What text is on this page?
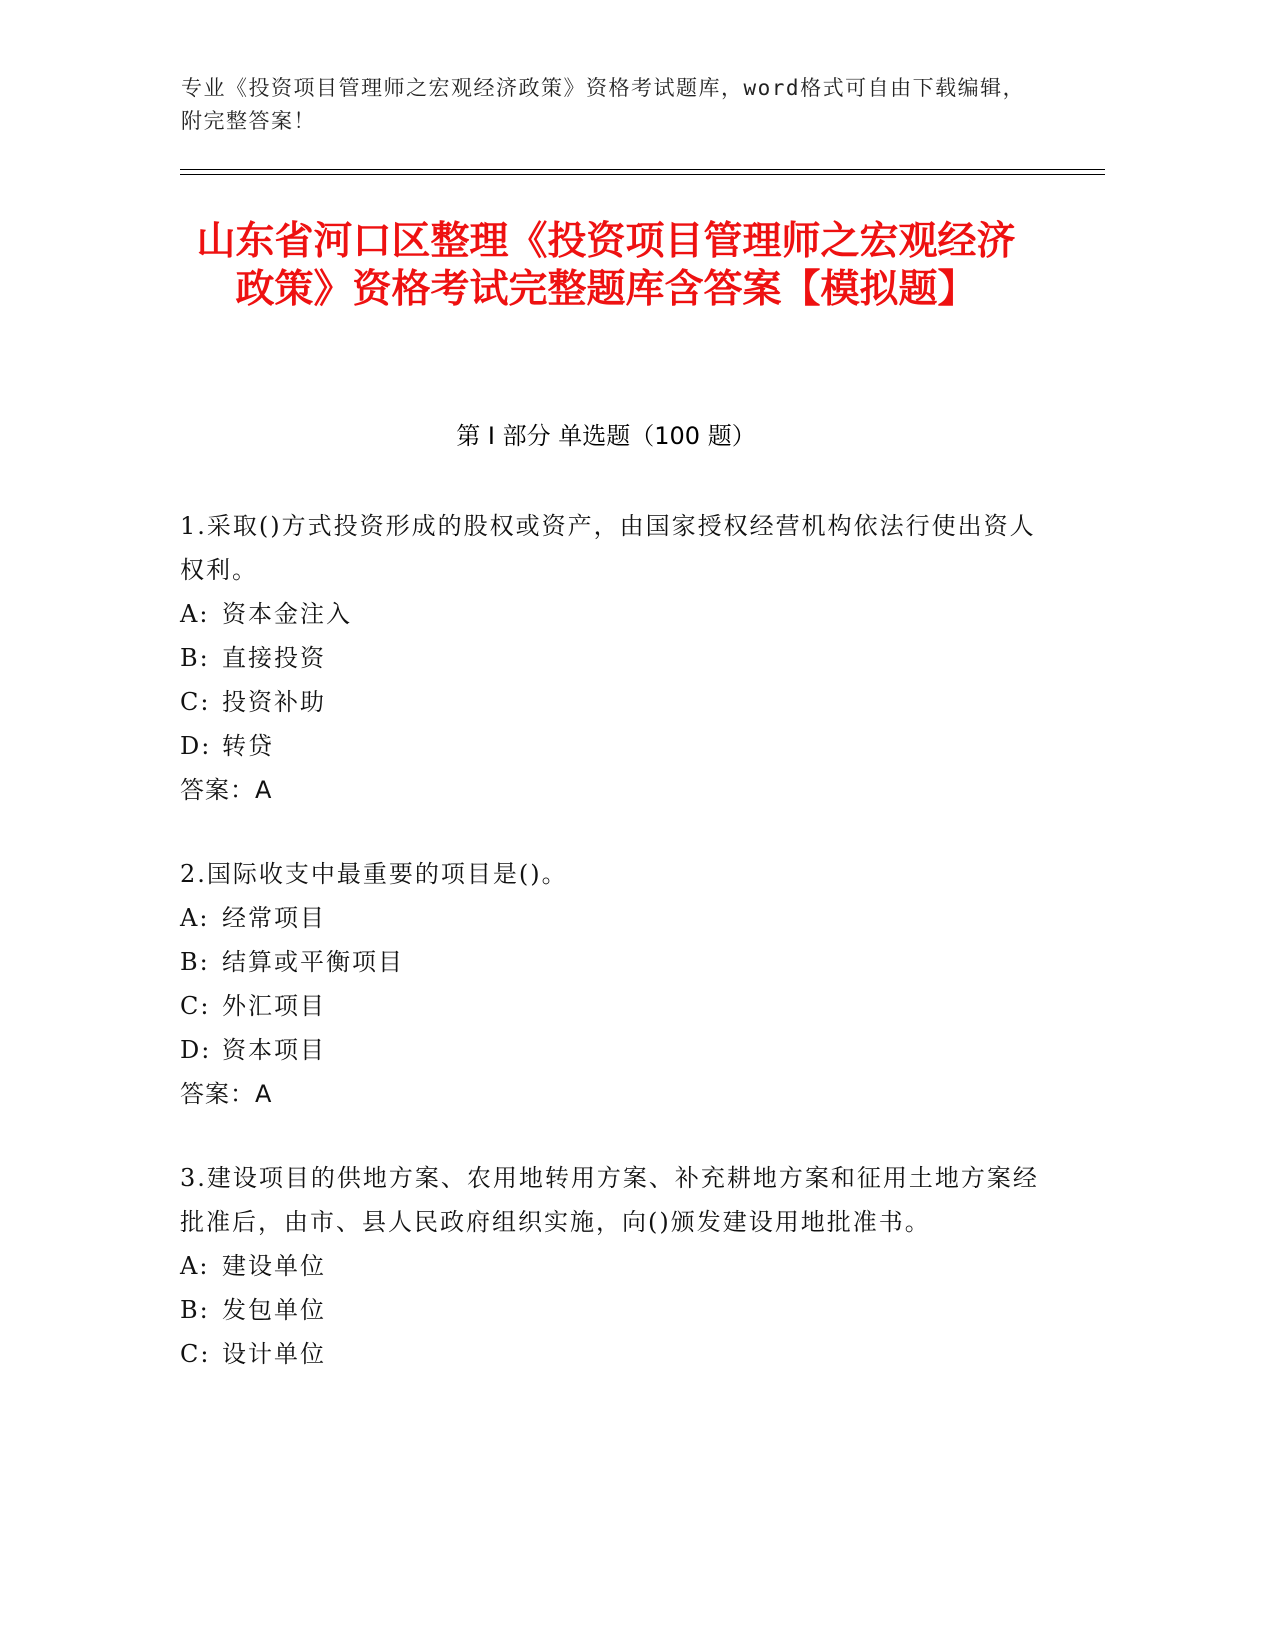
专业《投资项目管理师之宏观经济政策》资格考试题库，word格式可自由下载编辑，附完整答案！
山东省河口区整理《投资项目管理师之宏观经济政策》资格考试完整题库含答案【模拟题】
第 I 部分 单选题（100 题）

1.采取()方式投资形成的股权或资产，由国家授权经营机构依法行使出资人权利。

A: 资本金注入

B: 直接投资

C: 投资补助

D: 转贷

答案：A

2.国际收支中最重要的项目是()。

A: 经常项目

B: 结算或平衡项目

C: 外汇项目

D: 资本项目

答案：A

3.建设项目的供地方案、农用地转用方案、补充耕地方案和征用土地方案经批准后，由市、县人民政府组织实施，向()颁发建设用地批准书。

A: 建设单位

B: 发包单位

C: 设计单位
